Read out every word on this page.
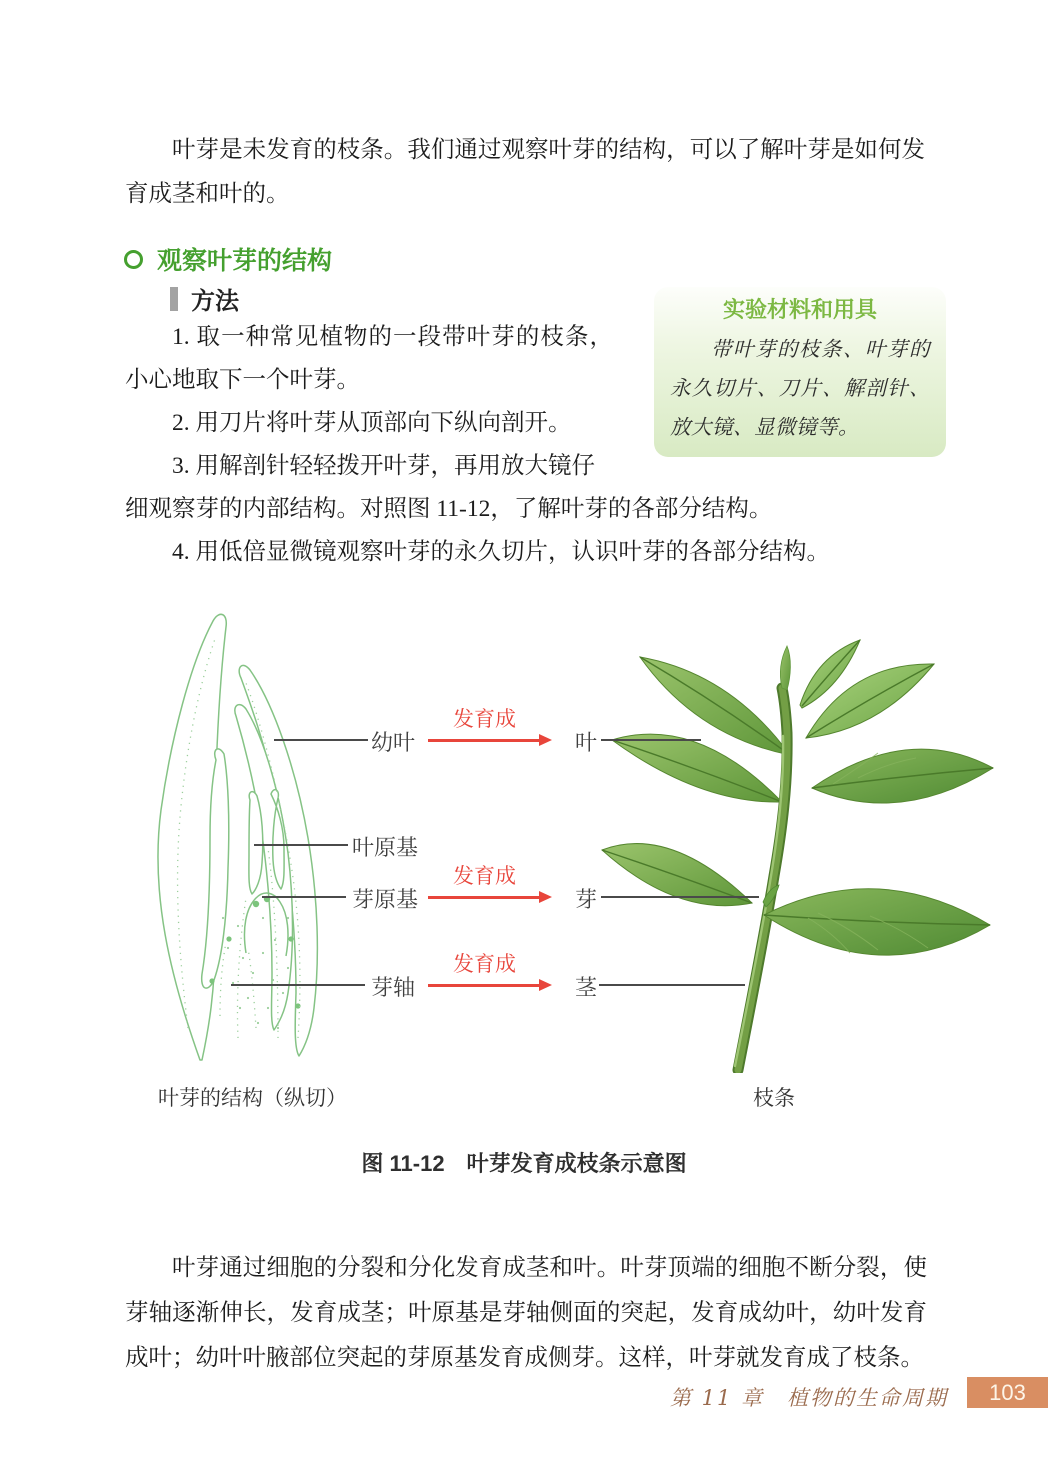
叶芽是未发育的枝条。我们通过观察叶芽的结构，可以了解叶芽是如何发育成茎和叶的。

观察叶芽的结构
方法	实验材料和用具
带叶芽的枝条、叶芽的永久切片、刀片、解剖针、放大镜、显微镜等。

1. 取一种常见植物的一段带叶芽的枝条，小心地取下一个叶芽。

2. 用刀片将叶芽从顶部向下纵向剖开。

3. 用解剖针轻轻拨开叶芽，再用放大镜仔

细观察芽的内部结构。对照图 11-12，了解叶芽的各部分结构。

4. 用低倍显微镜观察叶芽的永久切片，认识叶芽的各部分结构。

幼叶
发育成
叶
叶原基
芽原基
发育成
芽
芽轴
发育成
茎
叶芽的结构（纵切）	枝条
图 11-12　叶芽发育成枝条示意图

叶芽通过细胞的分裂和分化发育成茎和叶。叶芽顶端的细胞不断分裂，使芽轴逐渐伸长，发育成茎；叶原基是芽轴侧面的突起，发育成幼叶，幼叶发育成叶；幼叶叶腋部位突起的芽原基发育成侧芽。这样，叶芽就发育成了枝条。

第 11 章　植物的生命周期	103
